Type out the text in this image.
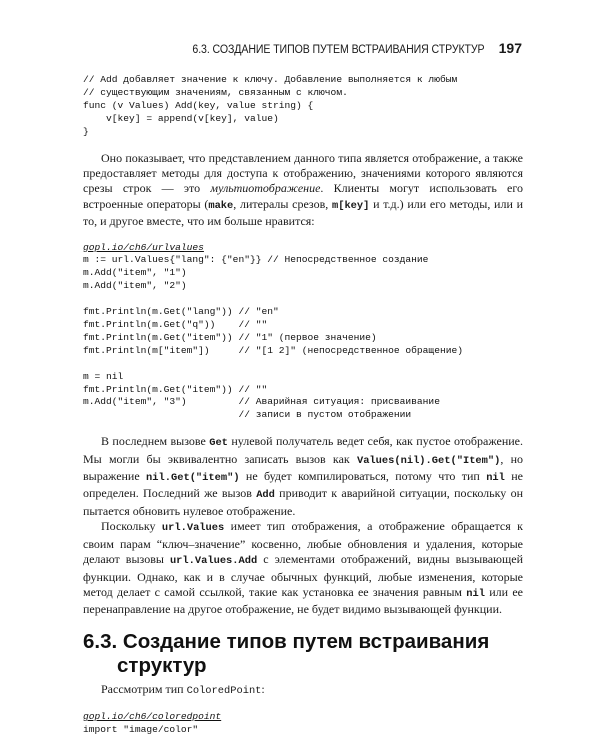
6.3. СОЗДАНИЕ ТИПОВ ПУТЕМ ВСТРАИВАНИЯ СТРУКТУР 197
// Add добавляет значение к ключу. Добавление выполняется к любым
// существующим значениям, связанным с ключом.
func (v Values) Add(key, value string) {
v[key] = append(v[key], value)
}

Оно показывает, что представлением данного типа является отображение, а также предоставляет методы для доступа к отображению, значениями которого являются срезы строк — это мультиотображение. Клиенты могут использовать его встроенные операторы (make, литералы срезов, m[key] и т.д.) или его методы, или и то, и другое вместе, что им больше нравится:

gopl.io/ch6/urlvalues
m := url.Values{"lang": {"en"}} // Непосредственное создание
m.Add("item", "1")
m.Add("item", "2")

fmt.Println(m.Get("lang")) // "en"
fmt.Println(m.Get("q"))    // ""
fmt.Println(m.Get("item")) // "1" (первое значение)
fmt.Println(m["item"])     // "[1 2]" (непосредственное обращение)

m = nil
fmt.Println(m.Get("item")) // ""
m.Add("item", "3")         // Аварийная ситуация: присваивание
// записи в пустом отображении

В последнем вызове Get нулевой получатель ведет себя, как пустое отображение. Мы могли бы эквивалентно записать вызов как Values(nil).Get("Item"), но выражение nil.Get("item") не будет компилироваться, потому что тип nil не определен. Последний же вызов Add приводит к аварийной ситуации, поскольку он пытается обновить нулевое отображение.

Поскольку url.Values имеет тип отображения, а отображение обращается к своим парам “ключ–значение” косвенно, любые обновления и удаления, которые делают вызовы url.Values.Add с элементами отображений, видны вызывающей функции. Однако, как и в случае обычных функций, любые изменения, которые метод делает с самой ссылкой, такие как установка ее значения равным nil или ее перенаправление на другое отображение, не будет видимо вызывающей функции.

6.3. Создание типов путем встраивания
структур

Рассмотрим тип ColoredPoint:

gopl.io/ch6/coloredpoint
import "image/color"
